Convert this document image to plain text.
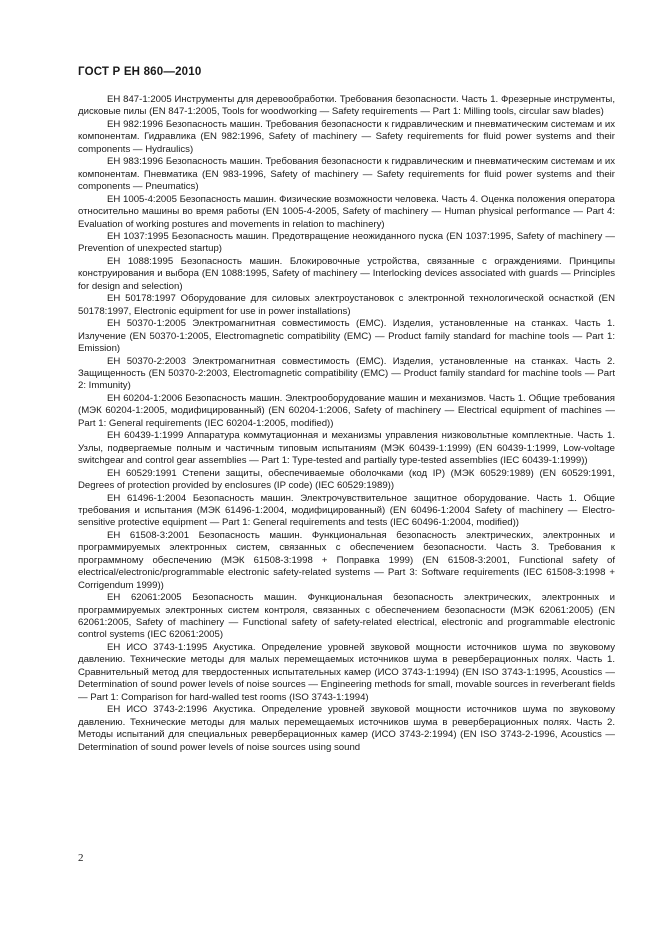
ГОСТ Р ЕН 860—2010

ЕН 847-1:2005 Инструменты для деревообработки. Требования безопасности. Часть 1. Фрезерные инструменты, дисковые пилы (EN 847-1:2005, Tools for woodworking — Safety requirements — Part 1: Milling tools, circular saw blades)

ЕН 982:1996 Безопасность машин. Требования безопасности к гидравлическим и пневматическим системам и их компонентам. Гидравлика (EN 982:1996, Safety of machinery — Safety requirements for fluid power systems and their components — Hydraulics)

ЕН 983:1996 Безопасность машин. Требования безопасности к гидравлическим и пневматическим системам и их компонентам. Пневматика (EN 983-1996, Safety of machinery — Safety requirements for fluid power systems and their components — Pneumatics)

ЕН 1005-4:2005 Безопасность машин. Физические возможности человека. Часть 4. Оценка положения оператора относительно машины во время работы (EN 1005-4-2005, Safety of machinery — Human physical performance — Part 4: Evaluation of working postures and movements in relation to machinery)

ЕН 1037:1995 Безопасность машин. Предотвращение неожиданного пуска (EN 1037:1995, Safety of machinery — Prevention of unexpected startup)

ЕН 1088:1995 Безопасность машин. Блокировочные устройства, связанные с ограждениями. Принципы конструирования и выбора (EN 1088:1995, Safety of machinery — Interlocking devices associated with guards — Principles for design and selection)

ЕН 50178:1997 Оборудование для силовых электроустановок с электронной технологической оснасткой (EN 50178:1997, Electronic equipment for use in power installations)

ЕН 50370-1:2005 Электромагнитная совместимость (ЕМС). Изделия, установленные на станках. Часть 1. Излучение (EN 50370-1:2005, Electromagnetic compatibility (EMC) — Product family standard for machine tools — Part 1: Emission)

ЕН 50370-2:2003 Электромагнитная совместимость (ЕМС). Изделия, установленные на станках. Часть 2. Защищенность (EN 50370-2:2003, Electromagnetic compatibility (EMC) — Product family standard for machine tools — Part 2: Immunity)

ЕН 60204-1:2006 Безопасность машин. Электрооборудование машин и механизмов. Часть 1. Общие требования (МЭК 60204-1:2005, модифицированный) (EN 60204-1:2006, Safety of machinery — Electrical equipment of machines — Part 1: General requirements (IEC 60204-1:2005, modified))

ЕН 60439-1:1999 Аппаратура коммутационная и механизмы управления низковольтные комплектные. Часть 1. Узлы, подвергаемые полным и частичным типовым испытаниям (МЭК 60439-1:1999) (EN 60439-1:1999, Low-voltage switchgear and control gear assemblies — Part 1: Type-tested and partially type-tested assemblies (IEC 60439-1:1999))

ЕН 60529:1991 Степени защиты, обеспечиваемые оболочками (код IP) (МЭК 60529:1989) (EN 60529:1991, Degrees of protection provided by enclosures (IP code) (IEC 60529:1989))

ЕН 61496-1:2004 Безопасность машин. Электрочувствительное защитное оборудование. Часть 1. Общие требования и испытания (МЭК 61496-1:2004, модифицированный) (EN 60496-1:2004 Safety of machinery — Electro-sensitive protective equipment — Part 1: General requirements and tests (IEC 60496-1:2004, modified))

ЕН 61508-3:2001 Безопасность машин. Функциональная безопасность электрических, электронных и программируемых электронных систем, связанных с обеспечением безопасности. Часть 3. Требования к программному обеспечению (МЭК 61508-3:1998 + Поправка 1999) (EN 61508-3:2001, Functional safety of electrical/electronic/programmable electronic safety-related systems — Part 3: Software requirements (IEC 61508-3:1998 + Corrigendum 1999))

ЕН 62061:2005 Безопасность машин. Функциональная безопасность электрических, электронных и программируемых электронных систем контроля, связанных с обеспечением безопасности (МЭК 62061:2005) (EN 62061:2005, Safety of machinery — Functional safety of safety-related electrical, electronic and programmable electronic control systems (IEC 62061:2005)

ЕН ИСО 3743-1:1995 Акустика. Определение уровней звуковой мощности источников шума по звуковому давлению. Технические методы для малых перемещаемых источников шума в реверберационных полях. Часть 1. Сравнительный метод для твердостенных испытательных камер (ИСО 3743-1:1994) (EN ISO 3743-1:1995, Acoustics — Determination of sound power levels of noise sources — Engineering methods for small, movable sources in reverberant fields — Part 1: Comparison for hard-walled test rooms (ISO 3743-1:1994)

ЕН ИСО 3743-2:1996 Акустика. Определение уровней звуковой мощности источников шума по звуковому давлению. Технические методы для малых перемещаемых источников шума в реверберационных полях. Часть 2. Методы испытаний для специальных реверберационных камер (ИСО 3743-2:1994) (EN ISO 3743-2-1996, Acoustics — Determination of sound power levels of noise sources using sound

2
